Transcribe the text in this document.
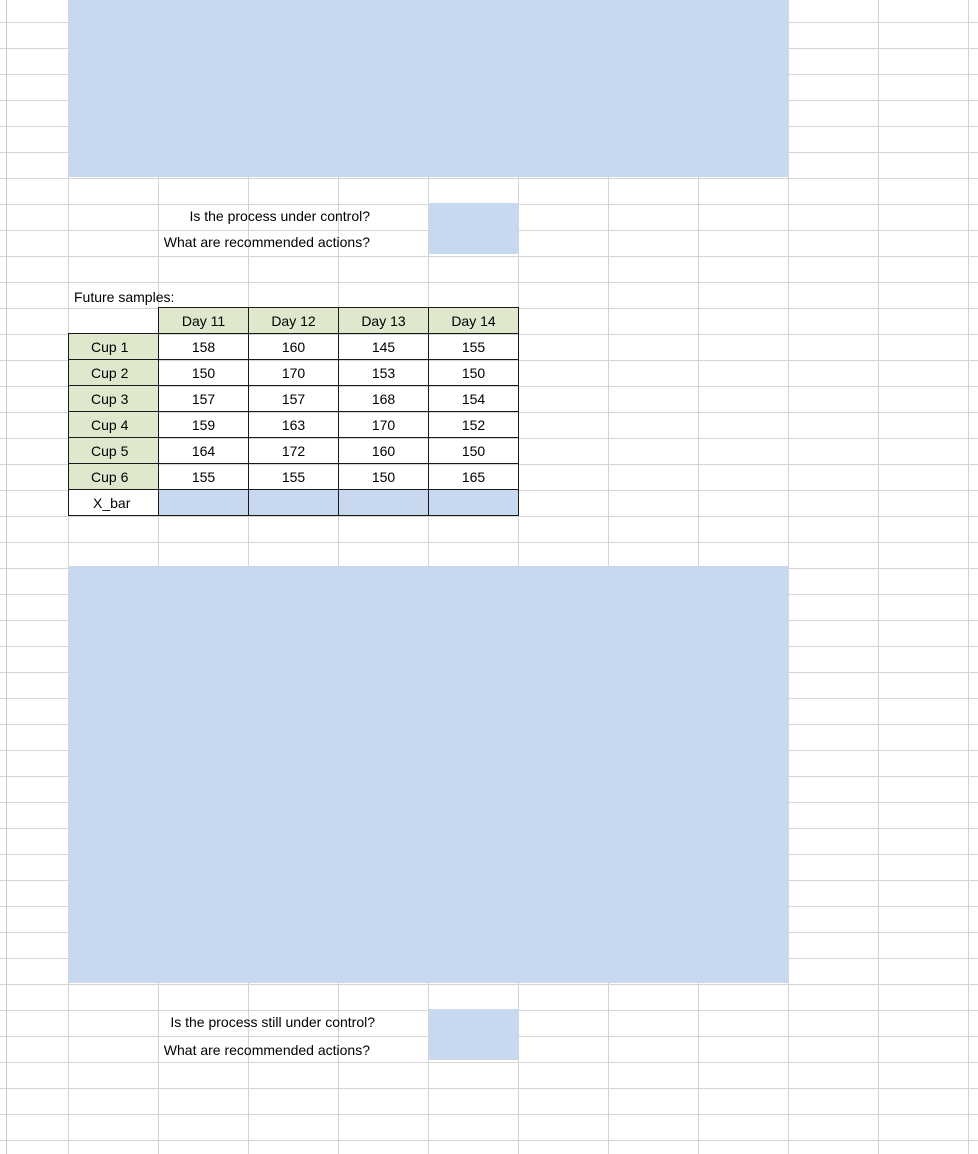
Is the process under control?
What are recommended actions?
Future samples:
	Day 11	Day 12	Day 13	Day 14
Cup 1	158	160	145	155
Cup 2	150	170	153	150
Cup 3	157	157	168	154
Cup 4	159	163	170	152
Cup 5	164	172	160	150
Cup 6	155	155	150	165
X_bar				
Is the process still under control?
What are recommended actions?
